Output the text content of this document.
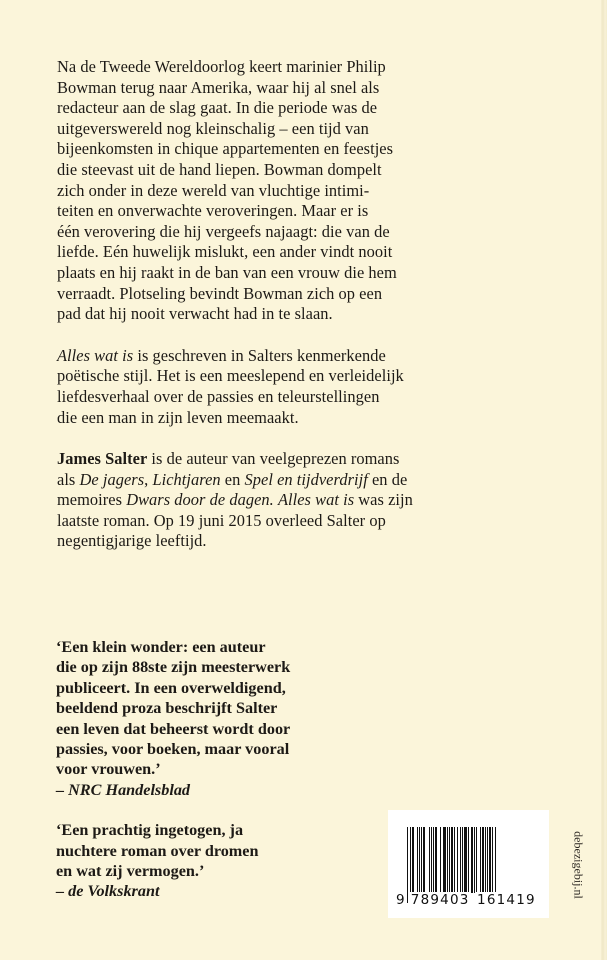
Na de Tweede Wereldoorlog keert marinier Philip
Bowman terug naar Amerika, waar hij al snel als
redacteur aan de slag gaat. In die periode was de
uitgeverswereld nog kleinschalig – een tijd van
bijeenkomsten in chique appartementen en feestjes
die steevast uit de hand liepen. Bowman dompelt
zich onder in deze wereld van vluchtige intimi-
teiten en onverwachte veroveringen. Maar er is
één verovering die hij vergeefs najaagt: die van de
liefde. Eén huwelijk mislukt, een ander vindt nooit
plaats en hij raakt in de ban van een vrouw die hem
verraadt. Plotseling bevindt Bowman zich op een
pad dat hij nooit verwacht had in te slaan.

Alles wat is is geschreven in Salters kenmerkende
poëtische stijl. Het is een meeslepend en verleidelijk
liefdesverhaal over de passies en teleurstellingen
die een man in zijn leven meemaakt.

James Salter is de auteur van veelgeprezen romans
als De jagers, Lichtjaren en Spel en tijdverdrijf en de
memoires Dwars door de dagen. Alles wat is was zijn
laatste roman. Op 19 juni 2015 overleed Salter op
negentigjarige leeftijd.

‘Een klein wonder: een auteur
die op zijn 88ste zijn meesterwerk
publiceert. In een overweldigend,
beeldend proza beschrijft Salter
een leven dat beheerst wordt door
passies, voor boeken, maar vooral
voor vrouwen.’
– NRC Handelsblad
‘Een prachtig ingetogen, ja
nuchtere roman over dromen
en wat zij vermogen.’
– de Volkskrant	9 789403 161419
debezigebij.nl
